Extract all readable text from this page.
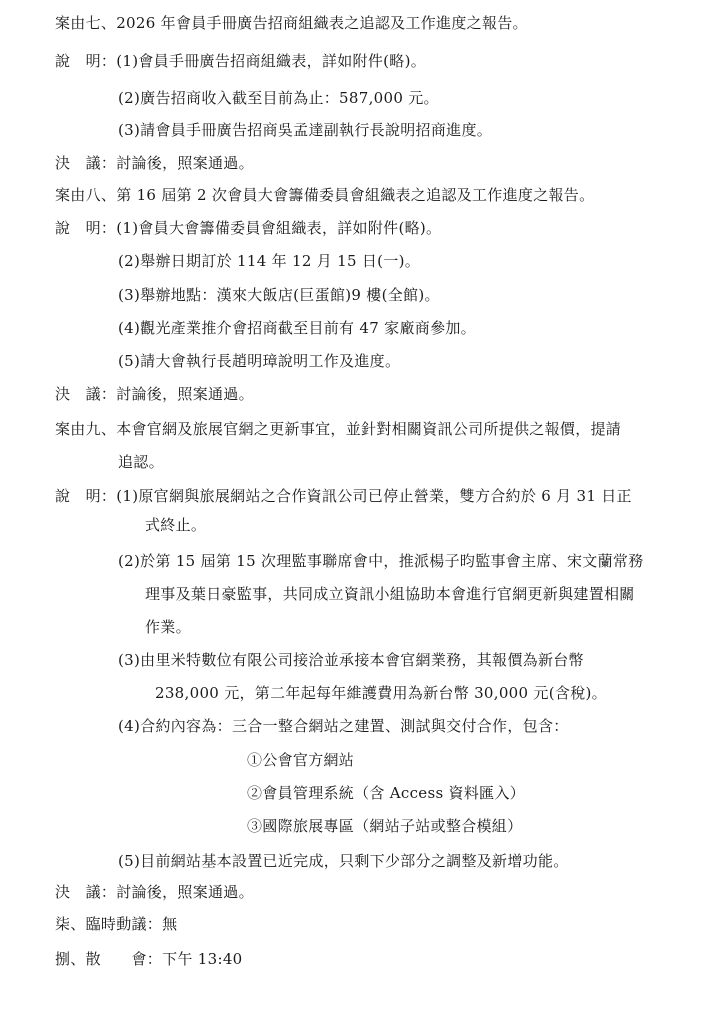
案由七、2026 年會員手冊廣告招商組織表之追認及工作進度之報告。
說　明：(1)會員手冊廣告招商組織表，詳如附件(略)。
(2)廣告招商收入截至目前為止：587,000 元。
(3)請會員手冊廣告招商吳孟達副執行長說明招商進度。
決　議：討論後，照案通過。
案由八、第 16 屆第 2 次會員大會籌備委員會組織表之追認及工作進度之報告。
說　明：(1)會員大會籌備委員會組織表，詳如附件(略)。
(2)舉辦日期訂於 114 年 12 月 15 日(一)。
(3)舉辦地點：漢來大飯店(巨蛋館)9 樓(全館)。
(4)觀光產業推介會招商截至目前有 47 家廠商參加。
(5)請大會執行長趙明璋說明工作及進度。
決　議：討論後，照案通過。
案由九、本會官網及旅展官網之更新事宜，並針對相關資訊公司所提供之報價，提請
追認。
說　明：(1)原官網與旅展網站之合作資訊公司已停止營業，雙方合約於 6 月 31 日正
式終止。
(2)於第 15 屆第 15 次理監事聯席會中，推派楊子昀監事會主席、宋文蘭常務
理事及葉日豪監事，共同成立資訊小組協助本會進行官網更新與建置相關
作業。
(3)由里米特數位有限公司接洽並承接本會官網業務，其報價為新台幣
238,000 元，第二年起每年維護費用為新台幣 30,000 元(含稅)。
(4)合約內容為：三合一整合網站之建置、測試與交付合作，包含：
①公會官方網站
②會員管理系統（含 Access 資料匯入）
③國際旅展專區（網站子站或整合模組）
(5)目前網站基本設置已近完成，只剩下少部分之調整及新增功能。
決　議：討論後，照案通過。
柒、臨時動議：無
捌、散　　會：下午 13:40
